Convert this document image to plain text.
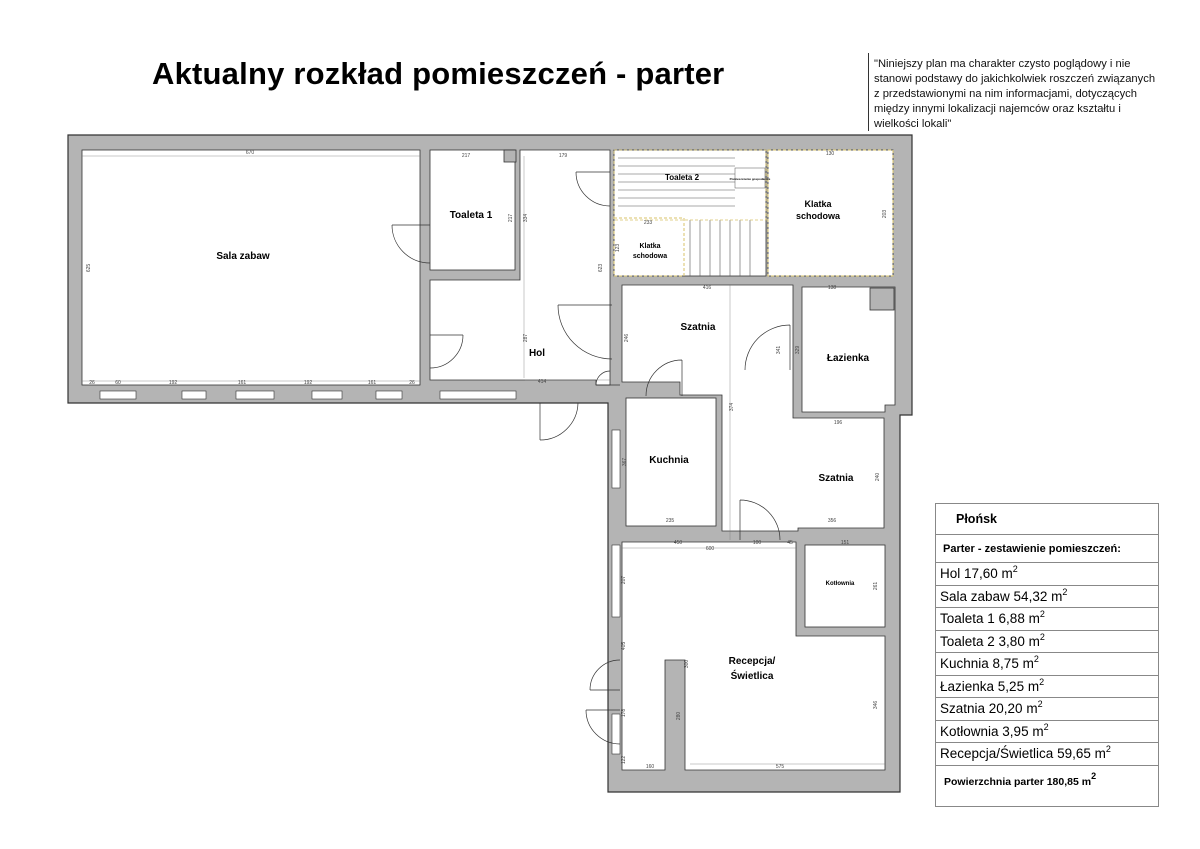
Aktualny rozkład pomieszczeń - parter	"Niniejszy plan ma charakter czysto poglądowy i nie stanowi podstawy do jakichkolwiek roszczeń związanych z przedstawionymi na nim informacjami, dotyczących między innymi lokalizacji najemców oraz kształtu i wielkości lokali"
Sala zabaw
Toaleta 1
Toaleta 2	Pomieszczenie gospodarcze
Klatka
schodowa
Klatka
schodowa
Hol
Szatnia
Łazienka
Kuchnia
Szatnia
Kotłownia
Recepcja/
Świetlica
670	217	179	130
233
416	138
196
235	356
450
600
100	45	151
160	575
414
26	60	192	161	192	161	26
625
217 334
623
123
203
287	246
341	329
367
374
240
261
207
405
300
280
346
178
122
Płońsk
Parter - zestawienie pomieszczeń:
Hol 17,60 $m^2$
Sala zabaw 54,32 $m^2$
Toaleta 1 6,88 $m^2$
Toaleta 2 3,80 $m^2$
Kuchnia 8,75 $m^2$
Łazienka 5,25 $m^2$
Szatnia 20,20 $m^2$
Kotłownia 3,95 $m^2$
Recepcja/Świetlica 59,65 $m^2$
Powierzchnia parter 180,85 $m^2$
